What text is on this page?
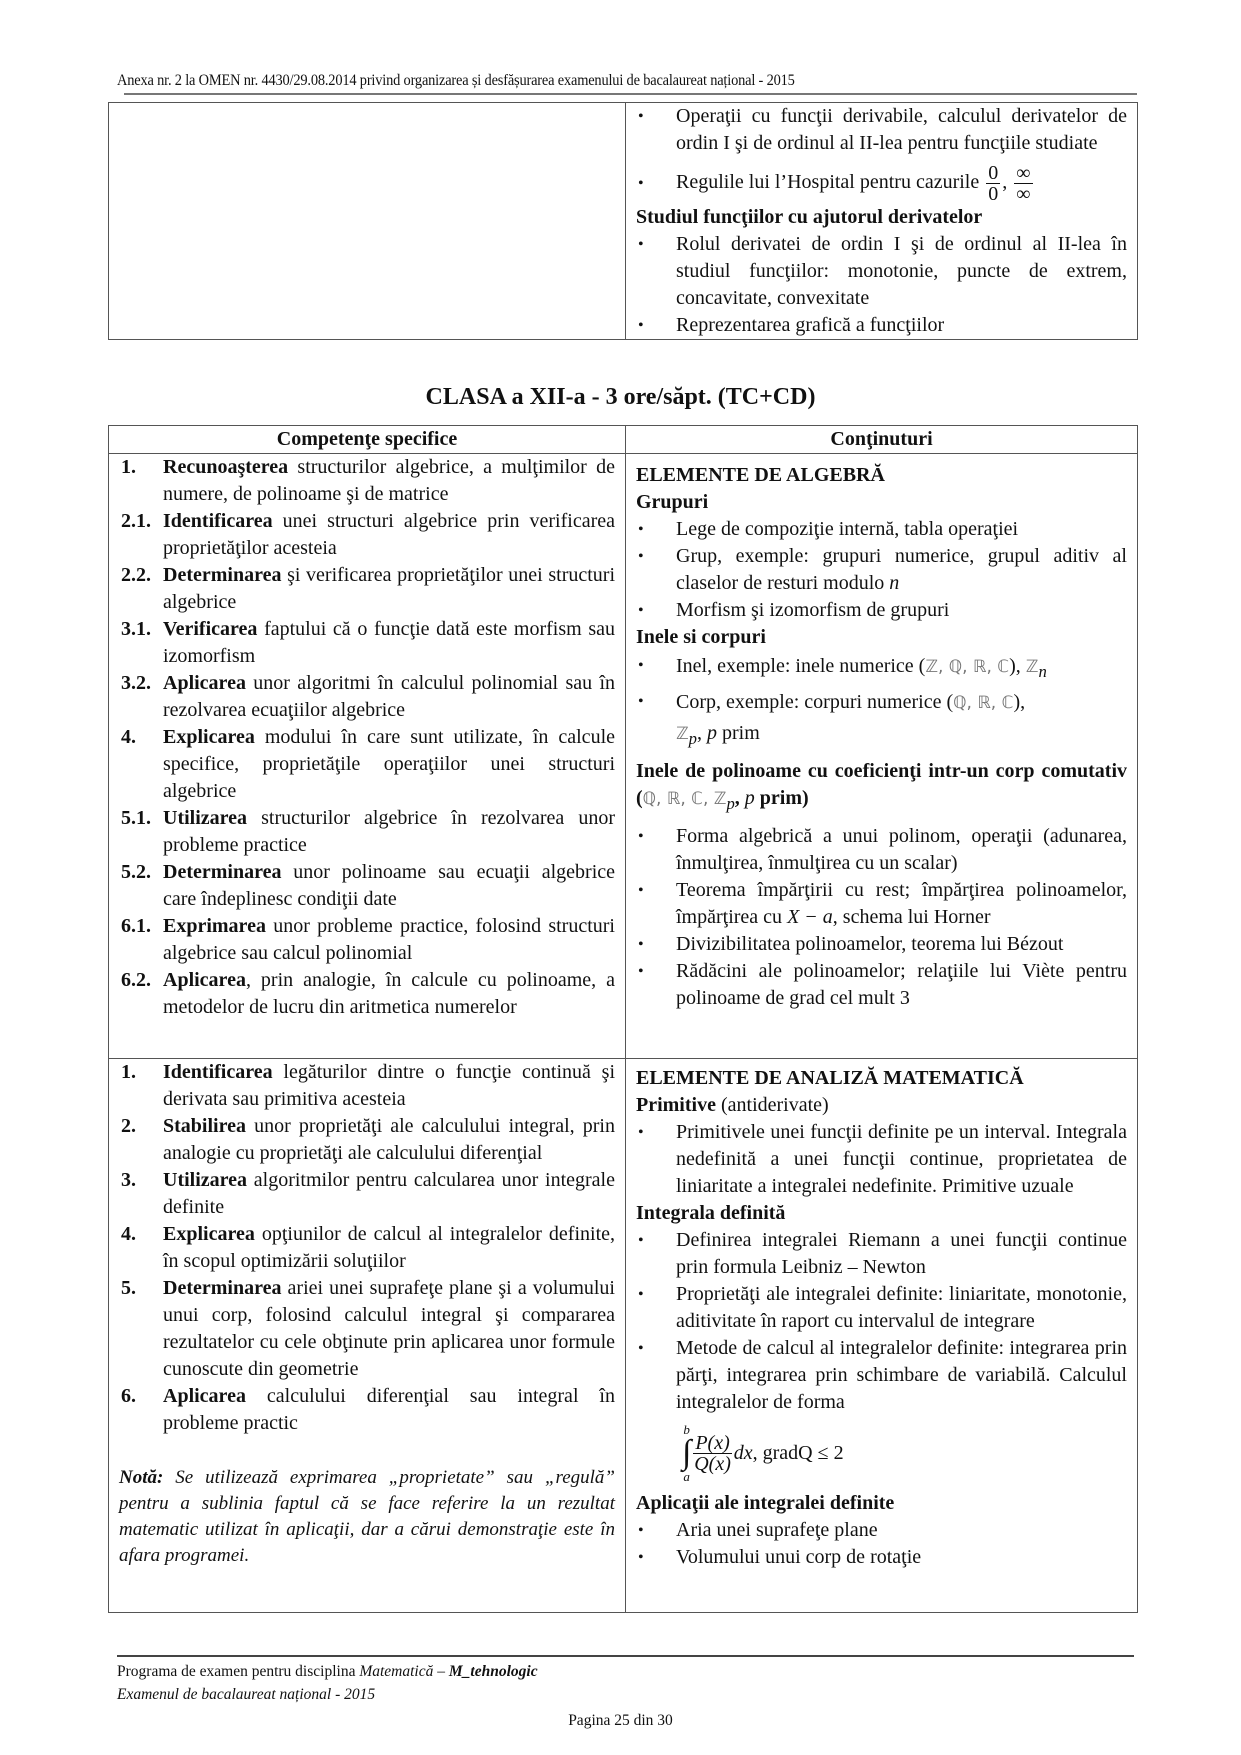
Anexa nr. 2 la OMEN nr. 4430/29.08.2014 privind organizarea și desfășurarea examenului de bacalaureat național - 2015

•	Operaţii cu funcţii derivabile, calculul derivatelor de ordin I şi de ordinul al II-lea pentru funcţiile studiate
•	Regulile lui l’Hospital pentru cazurile $\frac{0}{0}$ , $\frac{\infty}{\infty}$
Studiul funcţiilor cu ajutorul derivatelor
•	Rolul derivatei de ordin I şi de ordinul al II-lea în studiul funcţiilor: monotonie, puncte de extrem, concavitate, convexitate
•	Reprezentarea grafică a funcţiilor
CLASA a XII-a - 3 ore/săpt. (TC+CD)
Competenţe specifice	Conţinuturi

1.	Recunoaşterea structurilor algebrice, a mulţimilor de numere, de polinoame şi de matrice
2.1. Identificarea unei structuri algebrice prin verificarea proprietăţilor acesteia
2.2. Determinarea şi verificarea proprietăţilor unei structuri algebrice
3.1. Verificarea faptului că o funcţie dată este morfism sau izomorfism
3.2. Aplicarea unor algoritmi în calculul polinomial sau în rezolvarea ecuaţiilor algebrice
4.	Explicarea modului în care sunt utilizate, în calcule specifice, proprietăţile operaţiilor unei structuri algebrice
5.1. Utilizarea structurilor algebrice în rezolvarea unor probleme practice
5.2. Determinarea unor polinoame sau ecuaţii algebrice care îndeplinesc condiţii date
6.1. Exprimarea unor probleme practice, folosind structuri algebrice sau calcul polinomial
6.2. Aplicarea, prin analogie, în calcule cu polinoame, a metodelor de lucru din aritmetica numerelor

ELEMENTE DE ALGEBRĂ
Grupuri
•	Lege de compoziţie internă, tabla operaţiei
•	Grup, exemple: grupuri numerice, grupul aditiv al claselor de resturi modulo n
•	Morfism şi izomorfism de grupuri
Inele si corpuri
•	Inel, exemple: inele numerice (ℤ, ℚ, ℝ, ℂ), ℤ$_n$
•	Corp, exemple: corpuri numerice (ℚ, ℝ, ℂ),
ℤ$_p$, p prim
Inele de polinoame cu coeficienţi intr-un corp comutativ (ℚ, ℝ, ℂ, ℤ$_p$, p prim)
•	Forma algebrică a unui polinom, operaţii (adunarea, înmulţirea, înmulţirea cu un scalar)
•	Teorema împărţirii cu rest; împărţirea polinoamelor, împărţirea cu X − a, schema lui Horner
•	Divizibilitatea polinoamelor, teorema lui Bézout
•	Rădăcini ale polinoamelor; relaţiile lui Viète pentru polinoame de grad cel mult 3

1.	Identificarea legăturilor dintre o funcţie continuă şi derivata sau primitiva acesteia
2.	Stabilirea unor proprietăţi ale calculului integral, prin analogie cu proprietăţi ale calculului diferenţial
3.	Utilizarea algoritmilor pentru calcularea unor integrale definite
4.	Explicarea opţiunilor de calcul al integralelor definite, în scopul optimizării soluţiilor
5.	Determinarea ariei unei suprafeţe plane şi a volumului unui corp, folosind calculul integral şi compararea rezultatelor cu cele obţinute prin aplicarea unor formule cunoscute din geometrie
6.	Aplicarea calculului diferenţial sau integral în probleme practic
Notă: Se utilizează exprimarea „proprietate” sau „regulă” pentru a sublinia faptul că se face referire la un rezultat matematic utilizat în aplicaţii, dar a cărui demonstraţie este în afara programei.

ELEMENTE DE ANALIZĂ MATEMATICĂ
Primitive (antiderivate)
•	Primitivele unei funcţii definite pe un interval. Integrala nedefinită a unei funcţii continue, proprietatea de liniaritate a integralei nedefinite. Primitive uzuale
Integrala definită
•	Definirea integralei Riemann a unei funcţii continue prin formula Leibniz – Newton
•	Proprietăţi ale integralei definite: liniaritate, monotonie, aditivitate în raport cu intervalul de integrare
•	Metode de calcul al integralelor definite: integrarea prin părţi, integrarea prin schimbare de variabilă. Calculul integralelor de forma
b
∫
a
$\frac{P(x)}{Q(x)}$ dx , gradQ ≤ 2
Aplicaţii ale integralei definite
•	Aria unei suprafeţe plane
•	Volumului unui corp de rotaţie
Programa de examen pentru disciplina Matematică – M_tehnologic
Examenul de bacalaureat național - 2015
Pagina 25 din 30
